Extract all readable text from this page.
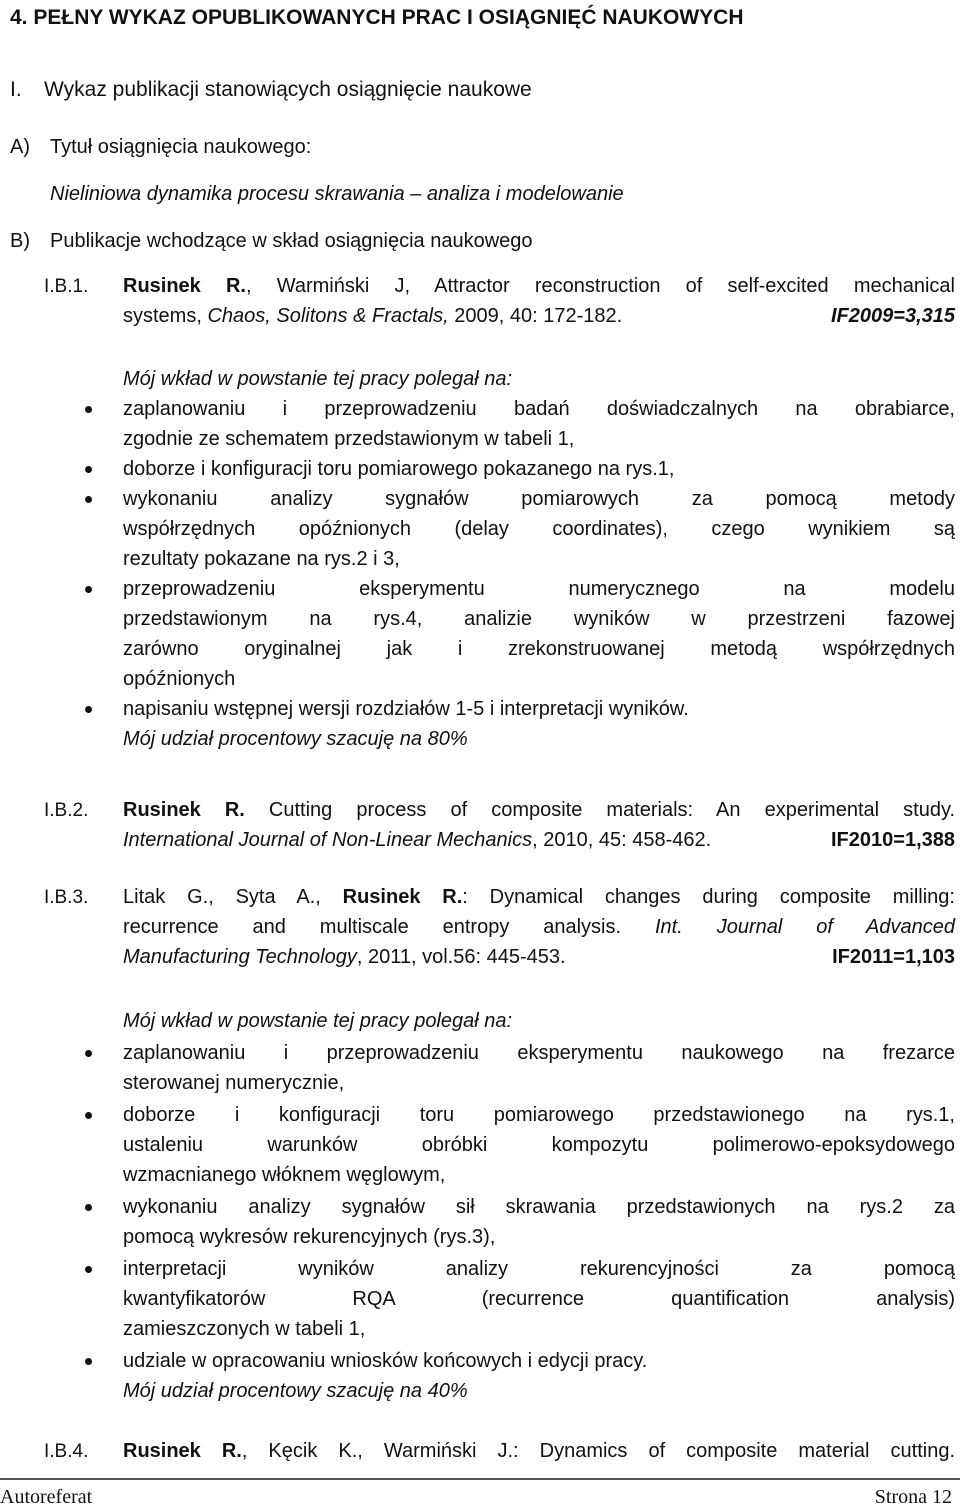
4. PEŁNY WYKAZ OPUBLIKOWANYCH PRAC I OSIĄGNIĘĆ NAUKOWYCH
I. Wykaz publikacji stanowiących osiągnięcie naukowe
A) Tytuł osiągnięcia naukowego:
Nieliniowa dynamika procesu skrawania – analiza i modelowanie
B) Publikacje wchodzące w skład osiągnięcia naukowego
I.B.1. Rusinek R., Warmiński J, Attractor reconstruction of self-excited mechanical
systems, Chaos, Solitons & Fractals, 2009, 40: 172-182.	IF2009=3,315
Mój wkład w powstanie tej pracy polegał na:
zaplanowaniu i przeprowadzeniu badań doświadczalnych na obrabiarce,
zgodnie ze schematem przedstawionym w tabeli 1,
doborze i konfiguracji toru pomiarowego pokazanego na rys.1,
wykonaniu analizy sygnałów pomiarowych za pomocą metody
współrzędnych opóźnionych (delay coordinates), czego wynikiem są
rezultaty pokazane na rys.2 i 3,
przeprowadzeniu eksperymentu numerycznego na modelu
przedstawionym na rys.4, analizie wyników w przestrzeni fazowej
zarówno oryginalnej jak i zrekonstruowanej metodą współrzędnych
opóźnionych
napisaniu wstępnej wersji rozdziałów 1-5 i interpretacji wyników.
Mój udział procentowy szacuję na 80%
I.B.2. Rusinek R. Cutting process of composite materials: An experimental study.
International Journal of Non-Linear Mechanics, 2010, 45: 458-462.	IF2010=1,388
I.B.3. Litak G., Syta A., Rusinek R.: Dynamical changes during composite milling:
recurrence and multiscale entropy analysis. Int. Journal of Advanced
Manufacturing Technology, 2011, vol.56: 445-453.	IF2011=1,103
Mój wkład w powstanie tej pracy polegał na:
zaplanowaniu i przeprowadzeniu eksperymentu naukowego na frezarce
sterowanej numerycznie,
doborze i konfiguracji toru pomiarowego przedstawionego na rys.1,
ustaleniu warunków obróbki kompozytu polimerowo-epoksydowego
wzmacnianego włóknem węglowym,
wykonaniu analizy sygnałów sił skrawania przedstawionych na rys.2 za
pomocą wykresów rekurencyjnych (rys.3),
interpretacji wyników analizy rekurencyjności za pomocą
kwantyfikatorów RQA (recurrence quantification analysis)
zamieszczonych w tabeli 1,
udziale w opracowaniu wniosków końcowych i edycji pracy.
Mój udział procentowy szacuję na 40%
I.B.4. Rusinek R., Kęcik K., Warmiński J.: Dynamics of composite material cutting.
Autoreferat	Strona 12
